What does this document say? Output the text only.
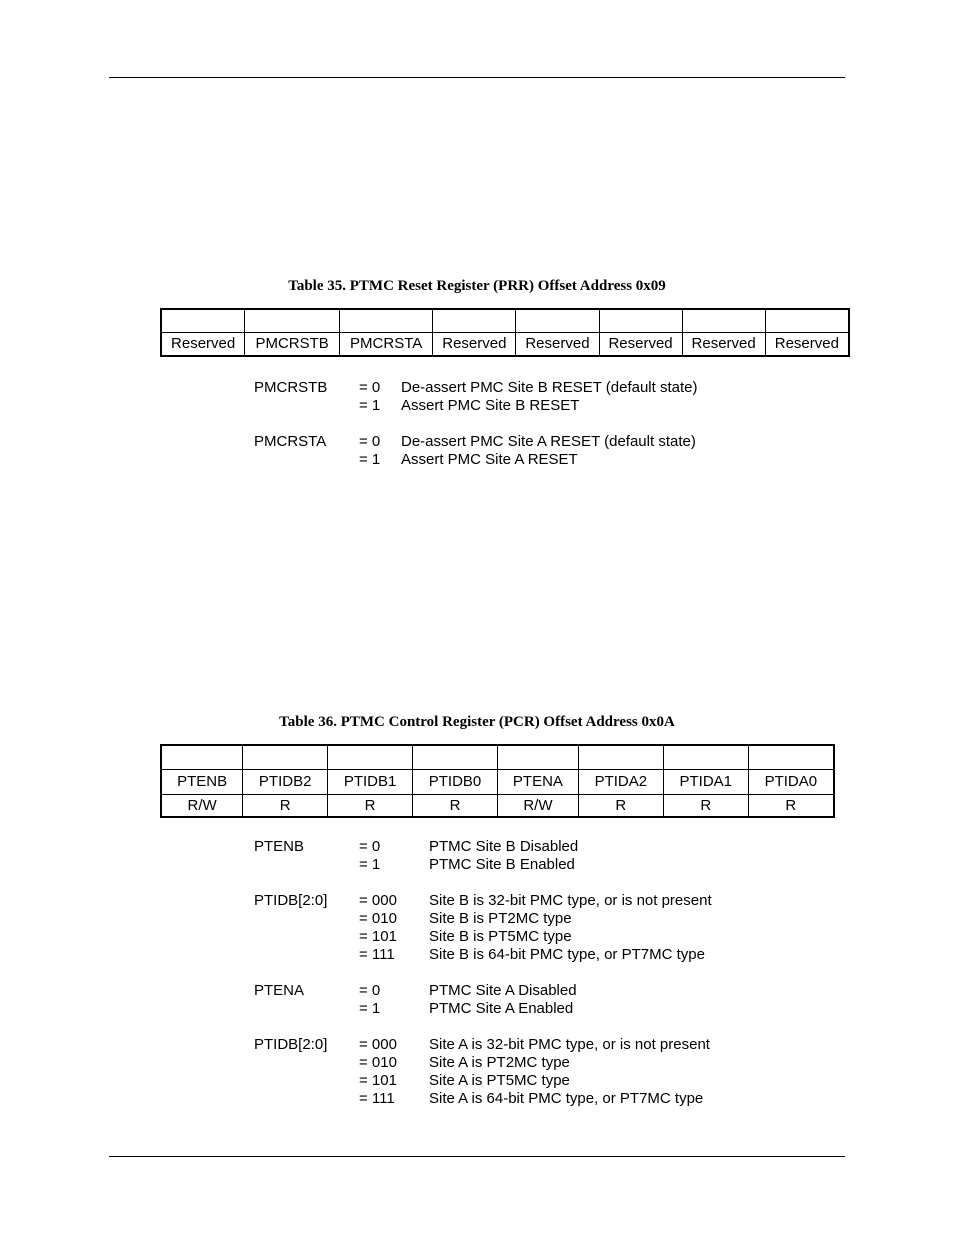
Table 35. PTMC Reset Register (PRR) Offset Address 0x09

Reserved	PMCRSTB	PMCRSTA	Reserved	Reserved	Reserved	Reserved	Reserved
PMCRSTB = 0 De-assert PMC Site B RESET (default state)
= 1 Assert PMC Site B RESET
PMCRSTA = 0 De-assert PMC Site A RESET (default state)
= 1 Assert PMC Site A RESET
Table 36. PTMC Control Register (PCR) Offset Address 0x0A

PTENB	PTIDB2	PTIDB1	PTIDB0	PTENA	PTIDA2	PTIDA1	PTIDA0
R/W	R	R	R	R/W	R	R	R
PTENB	= 0	PTMC Site B Disabled
= 1	PTMC Site B Enabled
PTIDB[2:0] = 000 Site B is 32-bit PMC type, or is not present
= 010 Site B is PT2MC type
= 101 Site B is PT5MC type
= 111 Site B is 64-bit PMC type, or PT7MC type
PTENA	= 0	PTMC Site A Disabled
= 1	PTMC Site A Enabled
PTIDB[2:0] = 000 Site A is 32-bit PMC type, or is not present
= 010 Site A is PT2MC type
= 101 Site A is PT5MC type
= 111 Site A is 64-bit PMC type, or PT7MC type
